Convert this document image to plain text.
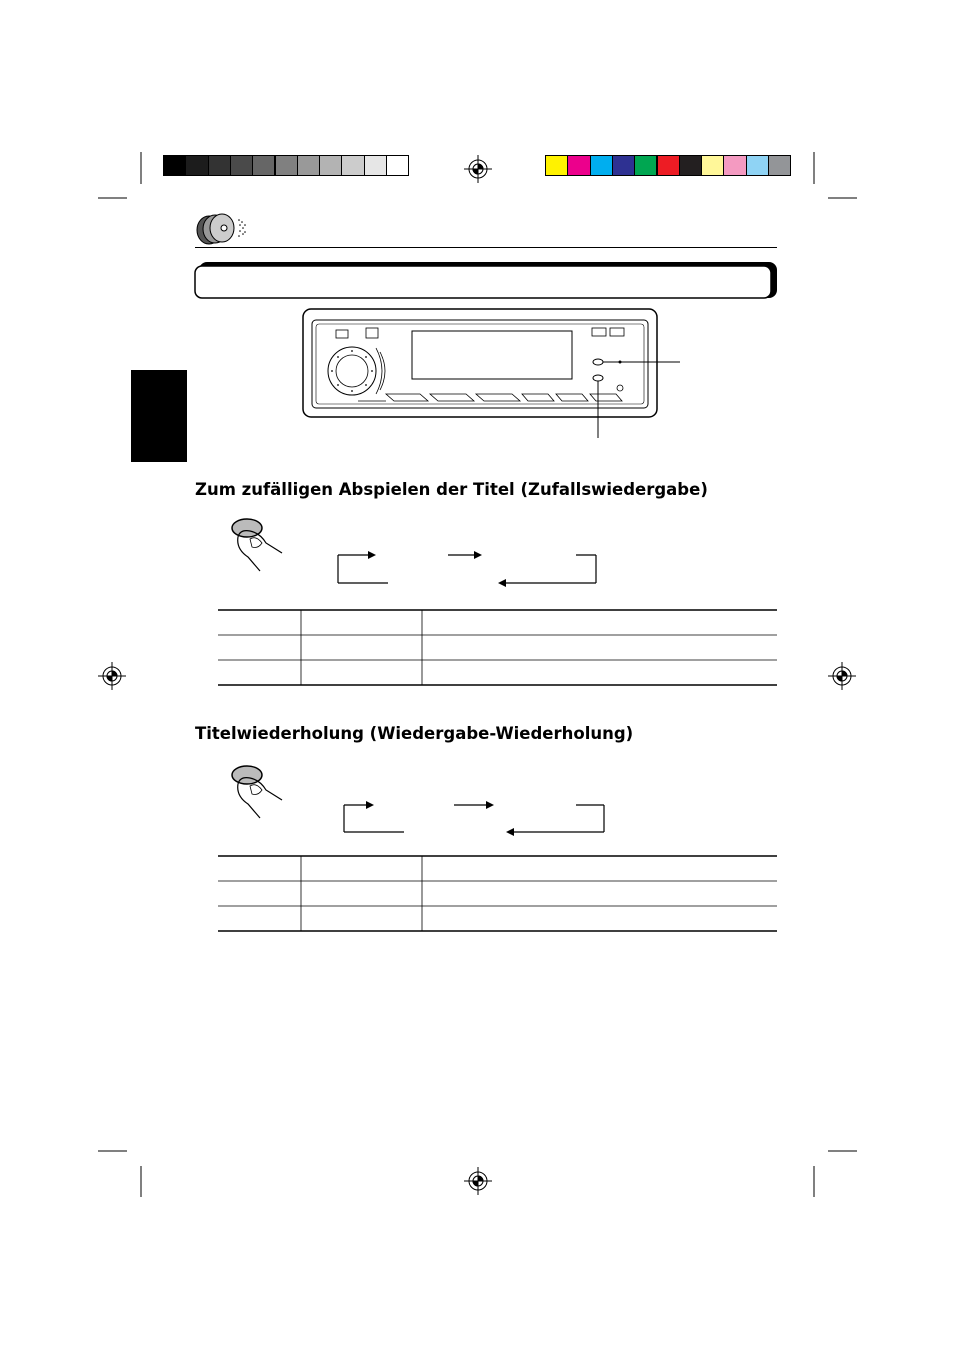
Zum zufälligen Abspielen der Titel (Zufallswiedergabe)
Titelwiederholung (Wiedergabe-Wiederholung)
